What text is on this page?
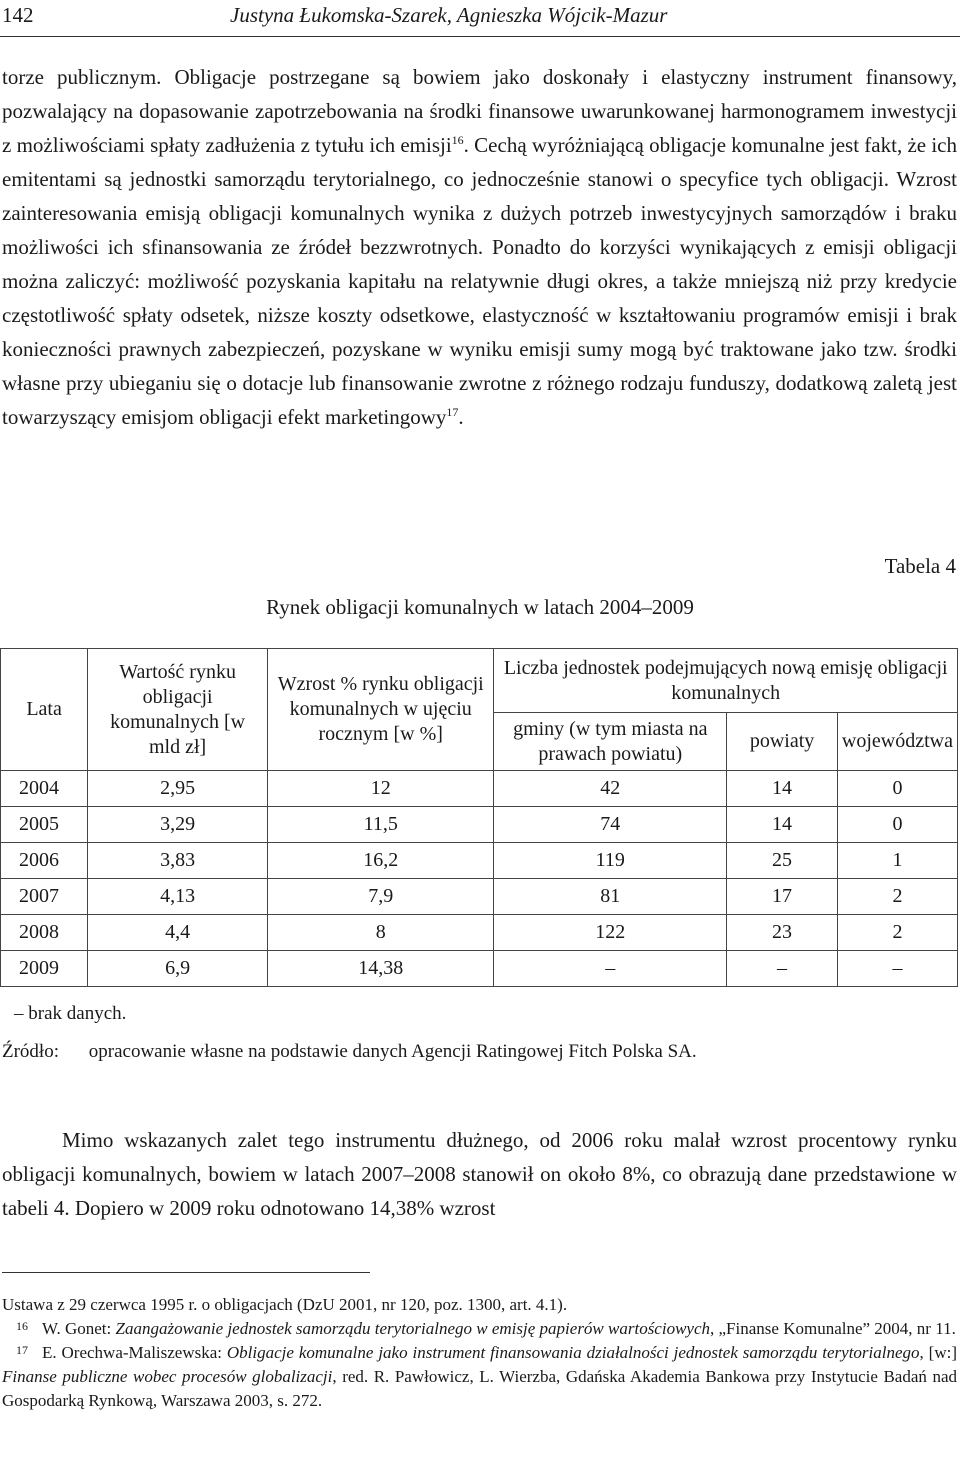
142	Justyna Łukomska-Szarek, Agnieszka Wójcik-Mazur

torze publicznym. Obligacje postrzegane są bowiem jako doskonały i elastyczny instrument finansowy, pozwalający na dopasowanie zapotrzebowania na środki finansowe uwarunkowanej harmonogramem inwestycji z możliwościami spłaty zadłużenia z tytułu ich emisji$^{16}$. Cechą wyróżniającą obligacje komunalne jest fakt, że ich emitentami są jednostki samorządu terytorialnego, co jednocześnie stanowi o specyfice tych obligacji. Wzrost zainteresowania emisją obligacji komunalnych wynika z dużych potrzeb inwestycyjnych samorządów i braku możliwości ich sfinansowania ze źródeł bezzwrotnych. Ponadto do korzyści wynikających z emisji obligacji można zaliczyć: możliwość pozyskania kapitału na relatywnie długi okres, a także mniejszą niż przy kredycie częstotliwość spłaty odsetek, niższe koszty odsetkowe, elastyczność w kształtowaniu programów emisji i brak konieczności prawnych zabezpieczeń, pozyskane w wyniku emisji sumy mogą być traktowane jako tzw. środki własne przy ubieganiu się o dotacje lub finansowanie zwrotne z różnego rodzaju funduszy, dodatkową zaletą jest towarzyszący emisjom obligacji efekt marketingowy$^{17}$.

Tabela 4
Rynek obligacji komunalnych w latach 2004–2009
Lata	Wartość rynku obligacji komunalnych [w mld zł]	Wzrost % rynku obligacji komunalnych w ujęciu rocznym [w %]	Liczba jednostek podejmujących nową emisję obligacji komunalnych		
			gminy (w tym miasta na prawach powiatu)	powiaty	województwa
2004	2,95	12	42	14	0
2005	3,29	11,5	74	14	0
2006	3,83	16,2	119	25	1
2007	4,13	7,9	81	17	2
2008	4,4	8	122	23	2
2009	6,9	14,38	–	–	–
– brak danych.
Źródło: opracowanie własne na podstawie danych Agencji Ratingowej Fitch Polska SA.

Mimo wskazanych zalet tego instrumentu dłużnego, od 2006 roku malał wzrost procentowy rynku obligacji komunalnych, bowiem w latach 2007–2008 stanowił on około 8%, co obrazują dane przedstawione w tabeli 4. Dopiero w 2009 roku odnotowano 14,38% wzrost

Ustawa z 29 czerwca 1995 r. o obligacjach (DzU 2001, nr 120, poz. 1300, art. 4.1).

16 W. Gonet: Zaangażowanie jednostek samorządu terytorialnego w emisję papierów wartościowych, „Finanse Komunalne” 2004, nr 11.

17 E. Orechwa-Maliszewska: Obligacje komunalne jako instrument finansowania działalności jednostek samorządu terytorialnego, [w:] Finanse publiczne wobec procesów globalizacji, red. R. Pawłowicz, L. Wierzba, Gdańska Akademia Bankowa przy Instytucie Badań nad Gospodarką Rynkową, Warszawa 2003, s. 272.
